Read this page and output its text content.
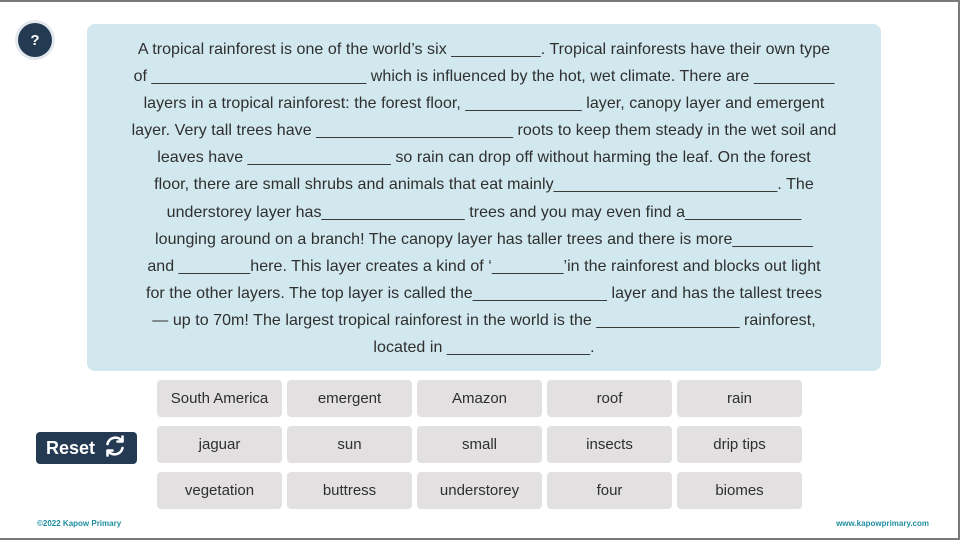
?
A tropical rainforest is one of the world’s six __________. Tropical rainforests have their own type
of ________________________ which is influenced by the hot, wet climate. There are _________
layers in a tropical rainforest: the forest floor, _____________ layer, canopy layer and emergent
layer. Very tall trees have ______________________ roots to keep them steady in the wet soil and
leaves have ________________ so rain can drop off without harming the leaf. On the forest
floor, there are small shrubs and animals that eat mainly_________________________. The
understorey layer has________________ trees and you may even find a_____________
lounging around on a branch! The canopy layer has taller trees and there is more_________
and ________here. This layer creates a kind of ‘________’in the rainforest and blocks out light
for the other layers. The top layer is called the_______________ layer and has the tallest trees
— up to 70m! The largest tropical rainforest in the world is the ________________ rainforest,
located in ________________.
Reset
South America	emergent	Amazon	roof	rain
jaguar	sun	small	insects	drip tips
vegetation	buttress	understorey	four	biomes
©2022 Kapow Primary	www.kapowprimary.com
